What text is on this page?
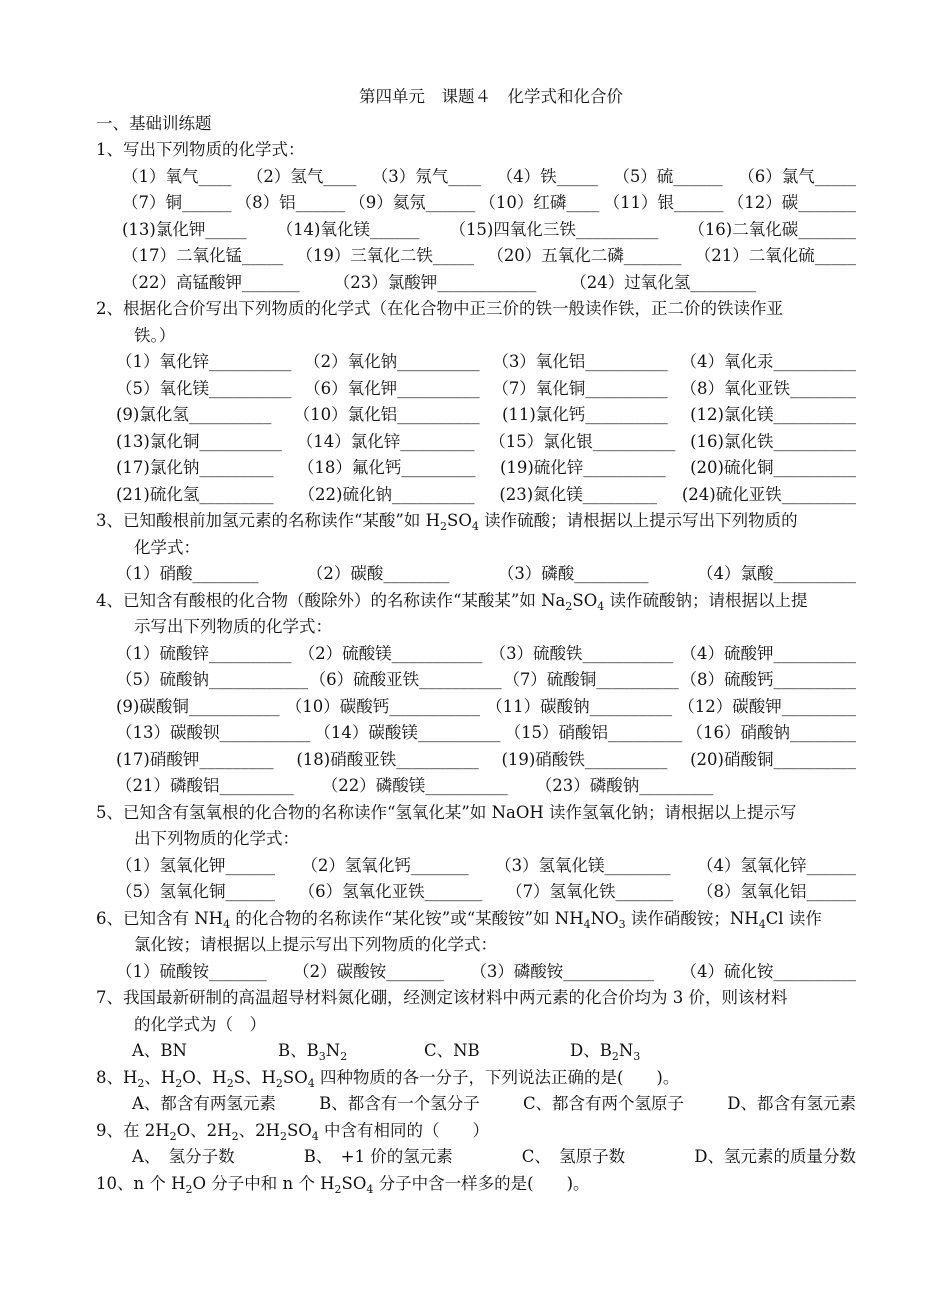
第四单元　课题４　化学式和化合价
一、基础训练题
1、写出下列物质的化学式：
（1）氧气____ （2）氢气____ （3）氖气____ （4）铁_____ （5）硫______ （6）氯气_____
（7）铜______ （8）铝______ （9）氦氖______ （10）红磷____ （11）银______ （12）碳_______
(13)氯化钾_____ （14)氧化镁______ （15)四氧化三铁__________ （16)二氧化碳_______
（17）二氧化锰_____ （19）三氧化二铁_____ （20）五氧化二磷_______ （21）二氧化硫_____
（22）高锰酸钾_______ （23）氯酸钾____________ （24）过氧化氢________
2、根据化合价写出下列物质的化学式（在化合物中正三价的铁一般读作铁，正二价的铁读作亚
铁。）
（1）氧化锌__________ （2）氧化钠__________ （3）氧化铝__________ （4）氧化汞__________
（5）氧化镁__________ （6）氧化钾__________ （7）氧化铜__________ （8）氧化亚铁________
(9)氯化氢__________ （10）氯化铝__________ (11)氯化钙__________ (12)氯化镁__________
(13)氯化铜__________ （14）氯化锌_________ （15）氯化银__________ (16)氯化铁__________
(17)氯化钠_________ （18）氟化钙_________ (19)硫化锌__________ (20)硫化铜__________
(21)硫化氢_________ （22)硫化钠__________ (23)氮化镁_________ (24)硫化亚铁_________
3、已知酸根前加氢元素的名称读作“某酸”如 $H_2SO_4$ 读作硫酸；请根据以上提示写出下列物质的
化学式：
（1）硝酸________	（2）碳酸________	（3）磷酸_________	（4）氯酸__________
4、已知含有酸根的化合物（酸除外）的名称读作“某酸某”如 $Na_2SO_4$ 读作硫酸钠；请根据以上提
示写出下列物质的化学式：
（1）硫酸锌__________ （2）硫酸镁___________ （3）硫酸铁___________ （4）硫酸钾__________
（5）硫酸钠____________ （6）硫酸亚铁__________ （7）硫酸铜__________ （8）硫酸钙__________
(9)碳酸铜___________ （10）碳酸钙___________ （11）碳酸钠__________ （12）碳酸钾_________
（13）碳酸钡___________ （14）碳酸镁__________ （15）硝酸铝_________ （16）硝酸钠________
(17)硝酸钾_________ (18)硝酸亚铁__________ (19)硝酸铁__________ (20)硝酸铜__________
（21）磷酸铝_________ （22）磷酸镁__________ （23）磷酸钠_________
5、已知含有氢氧根的化合物的名称读作“氢氧化某”如 NaOH 读作氢氧化钠；请根据以上提示写
出下列物质的化学式：
（1）氢氧化钾______ （2）氢氧化钙_______ （3）氢氧化镁________ （4）氢氧化锌______
（5）氢氧化铜______ （6）氢氧化亚铁_______ （7）氢氧化铁_______ （8）氢氧化铝______
6、已知含有 $NH_4$ 的化合物的名称读作“某化铵”或“某酸铵”如 $NH_4NO_3$ 读作硝酸铵；$NH_4Cl$ 读作
氯化铵；请根据以上提示写出下列物质的化学式：
（1）硫酸铵_______ （2）碳酸铵_______ （3）磷酸铵___________ （4）硫化铵__________
7、我国最新研制的高温超导材料氮化硼，经测定该材料中两元素的化合价均为 3 价，则该材料
的化学式为（　）
A、BN	B、$B_3N_2$	C、NB	D、$B_2N_3$
8、$H_2$、$H_2O$、$H_2S$、$H_2SO_4$ 四种物质的各一分子，下列说法正确的是(　　)。
A、都含有两氢元素	B、都含有一个氢分子	C、都含有两个氢原子	D、都含有氢元素
9、在 $2H_2O$、$2H_2$、$2H_2SO_4$ 中含有相同的（　　）
A、　氢分子数	B、　+1 价的氢元素	C、　氢原子数	D、氢元素的质量分数
10、n 个 $H_2O$ 分子中和 n 个 $H_2SO_4$ 分子中含一样多的是(　　)。
